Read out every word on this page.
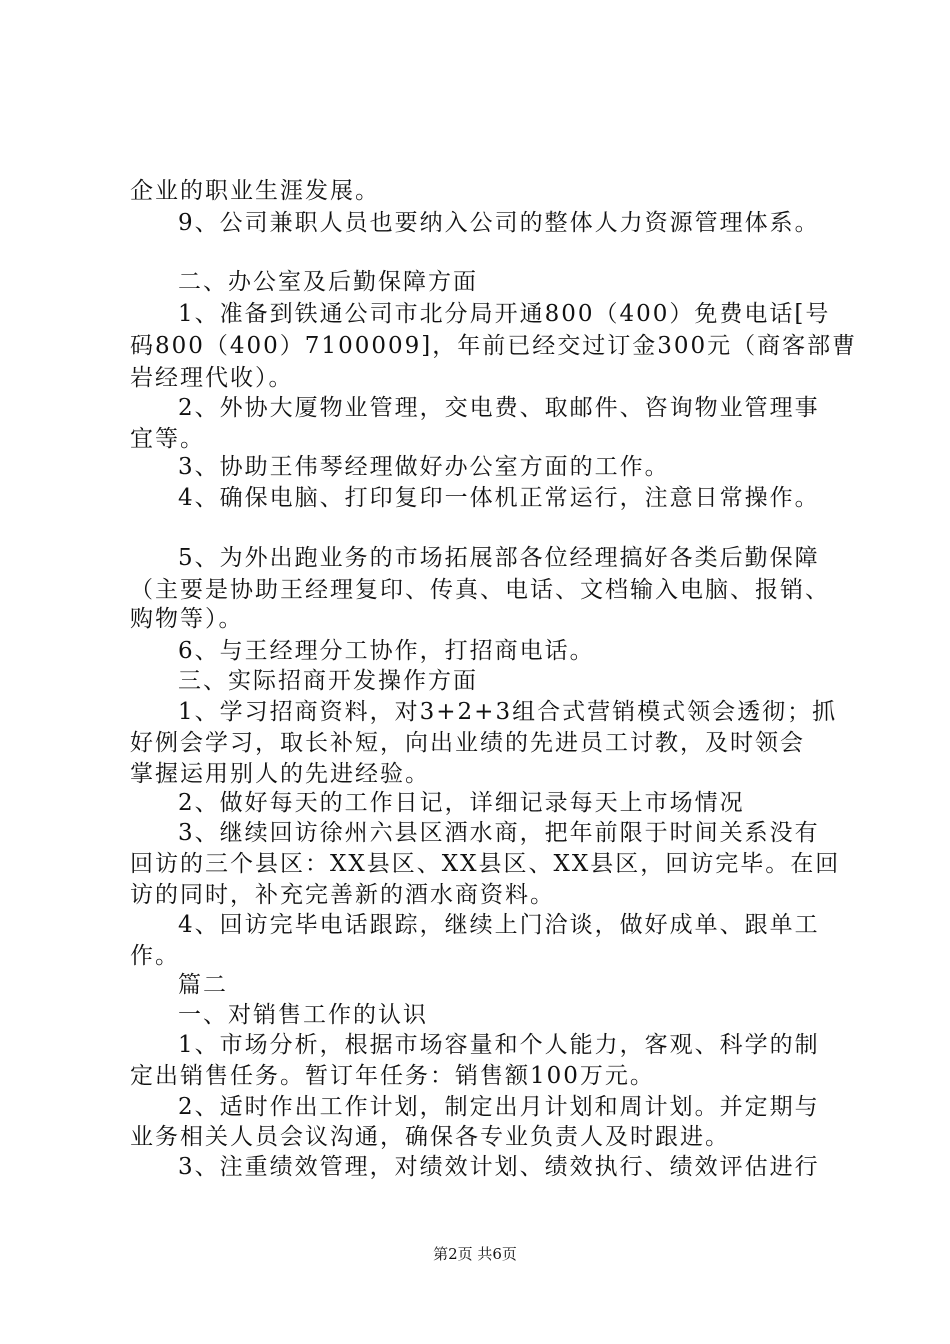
企业的职业生涯发展。
9、公司兼职人员也要纳入公司的整体人力资源管理体系。
二、办公室及后勤保障方面
1、准备到铁通公司市北分局开通800（400）免费电话[号
码800（400）7100009]，年前已经交过订金300元（商客部曹
岩经理代收）。
2、外协大厦物业管理，交电费、取邮件、咨询物业管理事
宜等。
3、协助王伟琴经理做好办公室方面的工作。
4、确保电脑、打印复印一体机正常运行，注意日常操作。
5、为外出跑业务的市场拓展部各位经理搞好各类后勤保障
（主要是协助王经理复印、传真、电话、文档输入电脑、报销、
购物等）。
6、与王经理分工协作，打招商电话。
三、实际招商开发操作方面
1、学习招商资料，对3+2+3组合式营销模式领会透彻；抓
好例会学习，取长补短，向出业绩的先进员工讨教，及时领会
掌握运用别人的先进经验。
2、做好每天的工作日记，详细记录每天上市场情况
3、继续回访徐州六县区酒水商，把年前限于时间关系没有
回访的三个县区：XX县区、XX县区、XX县区，回访完毕。在回
访的同时，补充完善新的酒水商资料。
4、回访完毕电话跟踪，继续上门洽谈，做好成单、跟单工
作。
篇二
一、对销售工作的认识
1、市场分析，根据市场容量和个人能力，客观、科学的制
定出销售任务。暂订年任务：销售额100万元。
2、适时作出工作计划，制定出月计划和周计划。并定期与
业务相关人员会议沟通，确保各专业负责人及时跟进。
3、注重绩效管理，对绩效计划、绩效执行、绩效评估进行
第2页 共6页
